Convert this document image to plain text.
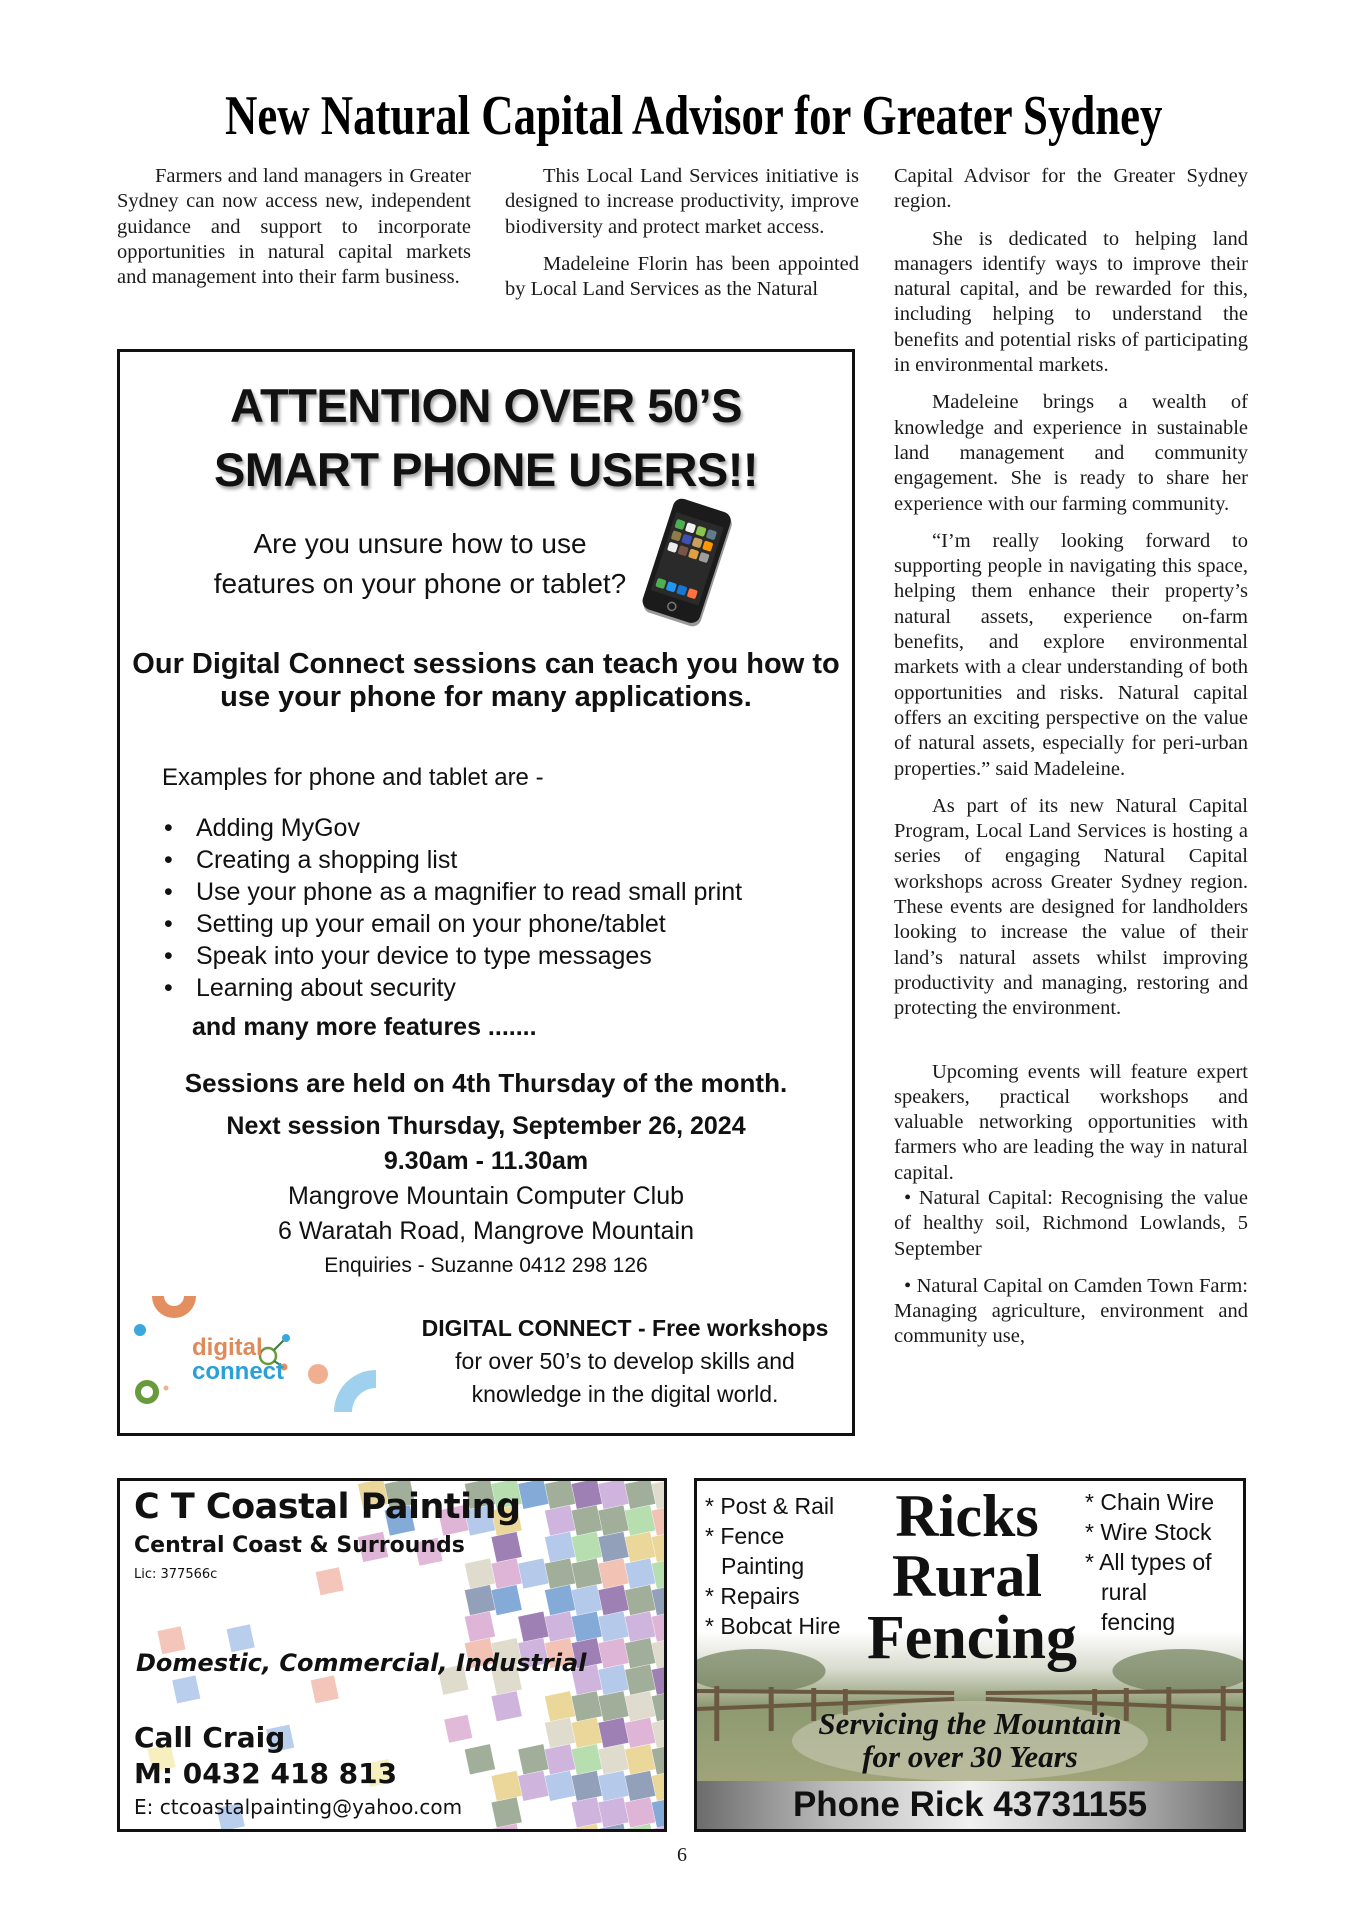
New Natural Capital Advisor for Greater Sydney

Farmers and land managers in Greater Sydney can now access new, independent guidance and support to incorporate opportunities in natural capital markets and management into their farm business.

This Local Land Services initiative is designed to increase productivity, improve biodiversity and protect market access.

Madeleine Florin has been appointed by Local Land Services as the Natural

Capital Advisor for the Greater Sydney region.

She is dedicated to helping land managers identify ways to improve their natural capital, and be rewarded for this, including helping to understand the benefits and potential risks of participating in environmental markets.

Madeleine brings a wealth of knowledge and experience in sustainable land management and community engagement. She is ready to share her experience with our farming community.

“I’m really looking forward to supporting people in navigating this space, helping them enhance their property’s natural assets, experience on-farm benefits, and explore environmental markets with a clear understanding of both opportunities and risks. Natural capital offers an exciting perspective on the value of natural assets, especially for peri-urban properties.” said Madeleine.

As part of its new Natural Capital Program, Local Land Services is hosting a series of engaging Natural Capital workshops across Greater Sydney region. These events are designed for landholders looking to increase the value of their land’s natural assets whilst improving productivity and managing, restoring and protecting the environment.

Upcoming events will feature expert speakers, practical workshops and valuable networking opportunities with farmers who are leading the way in natural capital.

• Natural Capital: Recognising the value of healthy soil, Richmond Lowlands, 5 September

• Natural Capital on Camden Town Farm: Managing agriculture, environment and community use,

ATTENTION OVER 50’S
SMART PHONE USERS!!
Are you unsure how to use
features on your phone or tablet?
Our Digital Connect sessions can teach you how to use your phone for many applications.
Examples for phone and tablet are -
• Adding MyGov
• Creating a shopping list
• Use your phone as a magnifier to read small print
• Setting up your email on your phone/tablet
• Speak into your device to type messages
• Learning about security
and many more features .......
Sessions are held on 4th Thursday of the month.
Next session Thursday, September 26, 2024
9.30am - 11.30am
Mangrove Mountain Computer Club
6 Waratah Road, Mangrove Mountain
Enquiries - Suzanne 0412 298 126
digital
connect
DIGITAL CONNECT - Free workshops
for over 50’s to develop skills and
knowledge in the digital world.
C T Coastal Painting
Central Coast & Surrounds
Lic: 377566c
Domestic, Commercial, Industrial
Call Craig
M: 0432 418 813
E: ctcoastalpainting@yahoo.com
* Post & Rail
* Fence
Painting
* Repairs
* Bobcat Hire
* Chain Wire
* Wire Stock
* All types of
rural
fencing
Ricks
Rural
Fencing
Servicing the Mountain
for over 30 Years
Phone Rick 43731155
6
